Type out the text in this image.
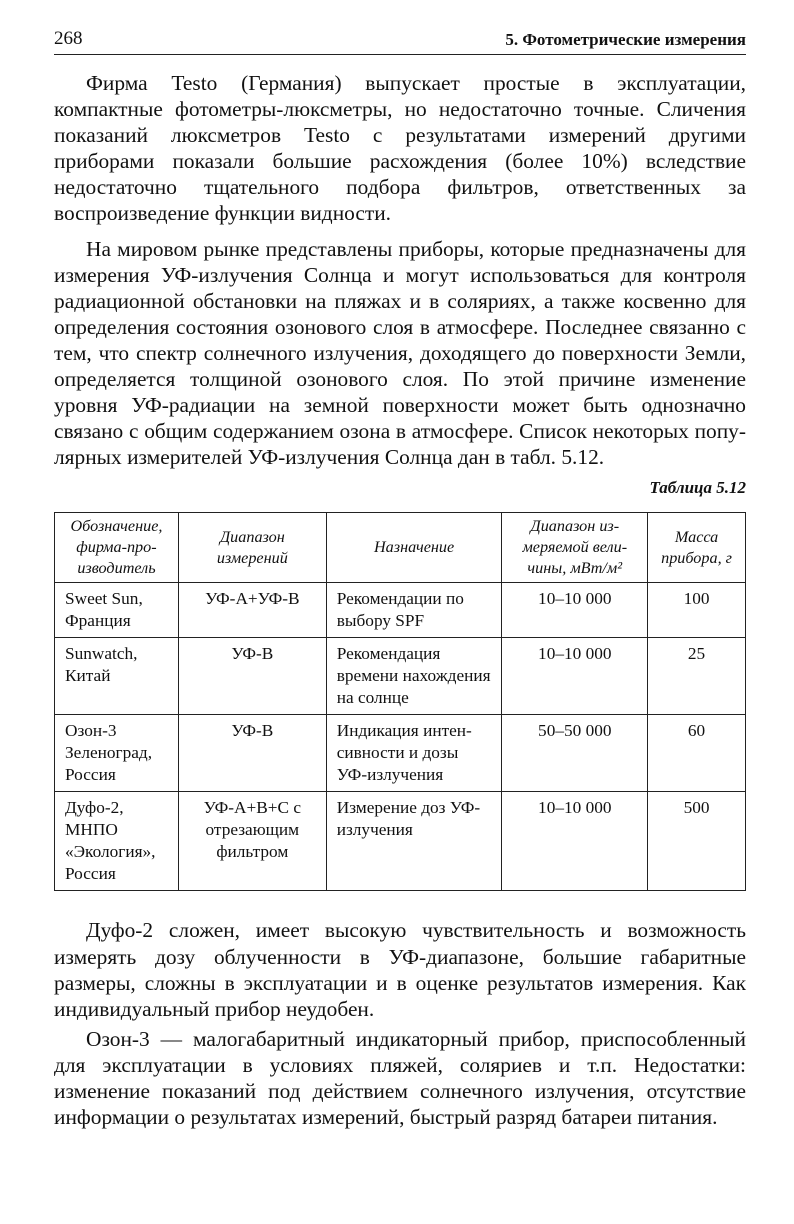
268	5. Фотометрические измерения

Фирма Testo (Германия) выпускает простые в эксплуатации, компактные фотометры-люксметры, но недостаточно точные. Сличения показаний люксметров Testo с результатами измерений другими приборами показали большие расхождения (более 10%) вследствие недостаточно тщательного подбора фильтров, ответственных за воспроизведение функции видности.

На мировом рынке представлены приборы, которые предназначены для измерения УФ-излучения Солнца и могут использоваться для контроля радиационной обстановки на пляжах и в соляриях, а также косвенно для определения состояния озонового слоя в атмосфере. Последнее связанно с тем, что спектр солнечного излучения, доходящего до поверхности Земли, определяется толщиной озонового слоя. По этой причине изменение уровня УФ-радиации на земной поверхности может быть однозначно связано с общим содержанием озона в атмосфере. Список некоторых популярных измерителей УФ-излучения Солнца дан в табл. 5.12.

Таблица 5.12
Обозначение, фирма-производитель	Диапазон измерений	Назначение	Диапазон измеряемой величины, мВт/м²	Масса прибора, г
Sweet Sun, Франция	УФ-А+УФ-В	Рекомендации по выбору SPF	10–10 000	100
Sunwatch, Китай	УФ-В	Рекомендация времени нахождения на солнце	10–10 000	25
Озон-3 Зеленоград, Россия	УФ-В	Индикация интенсивности и дозы УФ-излучения	50–50 000	60
Дуфо-2, МНПО «Экология», Россия	УФ-А+В+С с отрезающим фильтром	Измерение доз УФ-излучения	10–10 000	500

Дуфо-2 сложен, имеет высокую чувствительность и возможность измерять дозу облученности в УФ-диапазоне, большие габаритные размеры, сложны в эксплуатации и в оценке результатов измерения. Как индивидуальный прибор неудобен.

Озон-3 — малогабаритный индикаторный прибор, приспособленный для эксплуатации в условиях пляжей, соляриев и т.п. Недостатки: изменение показаний под действием солнечного излучения, отсутствие информации о результатах измерений, быстрый разряд батареи питания.
